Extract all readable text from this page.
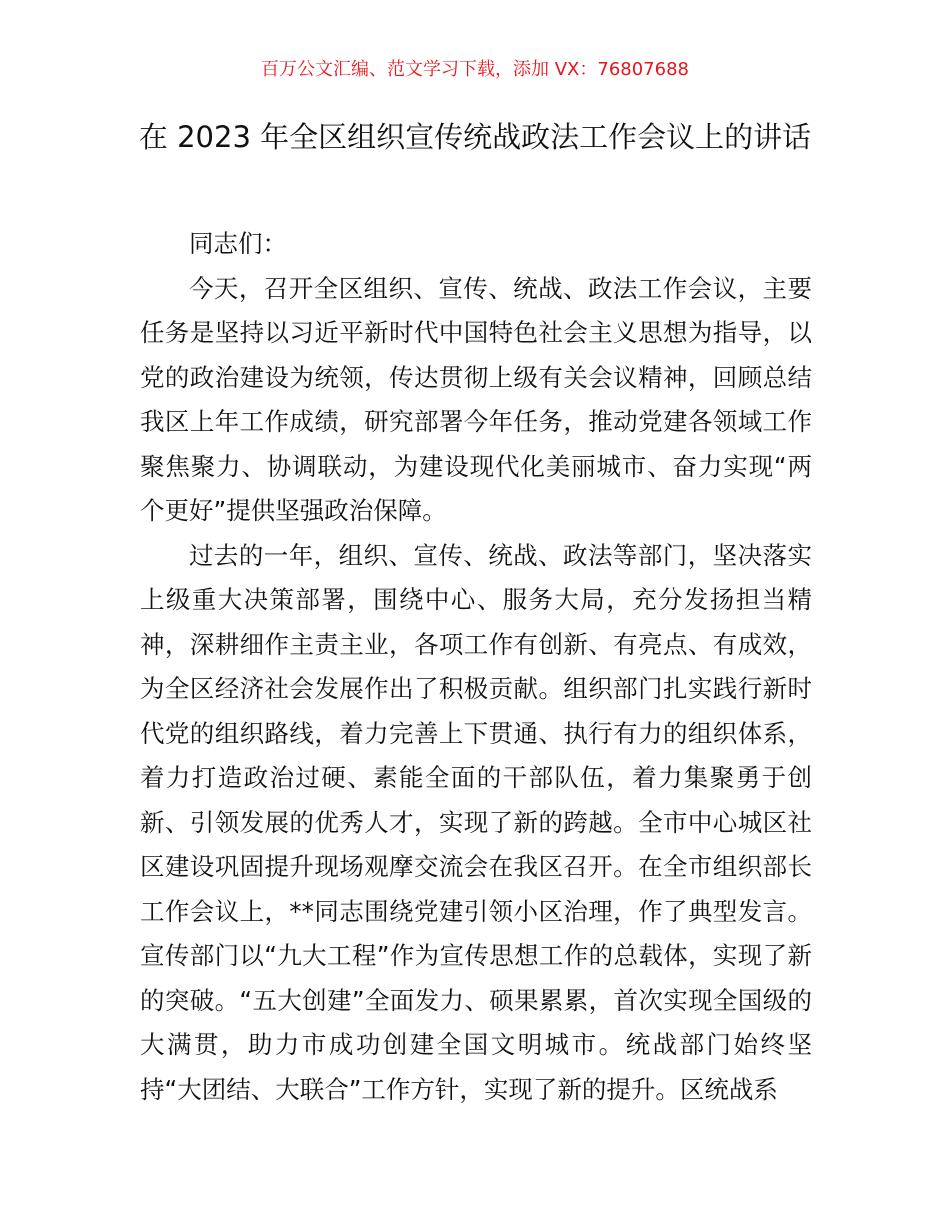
百万公文汇编、范文学习下载，添加 VX：76807688
在 2023 年全区组织宣传统战政法工作会议上的讲话

同志们：

今天，召开全区组织、宣传、统战、政法工作会议，主要任务是坚持以习近平新时代中国特色社会主义思想为指导，以党的政治建设为统领，传达贯彻上级有关会议精神，回顾总结我区上年工作成绩，研究部署今年任务，推动党建各领域工作聚焦聚力、协调联动，为建设现代化美丽城市、奋力实现“两个更好”提供坚强政治保障。

过去的一年，组织、宣传、统战、政法等部门，坚决落实上级重大决策部署，围绕中心、服务大局，充分发扬担当精神，深耕细作主责主业，各项工作有创新、有亮点、有成效，为全区经济社会发展作出了积极贡献。组织部门扎实践行新时代党的组织路线，着力完善上下贯通、执行有力的组织体系，着力打造政治过硬、素能全面的干部队伍，着力集聚勇于创新、引领发展的优秀人才，实现了新的跨越。全市中心城区社区建设巩固提升现场观摩交流会在我区召开。在全市组织部长工作会议上，**同志围绕党建引领小区治理，作了典型发言。宣传部门以“九大工程”作为宣传思想工作的总载体，实现了新的突破。“五大创建”全面发力、硕果累累，首次实现全国级的大满贯，助力市成功创建全国文明城市。统战部门始终坚持“大团结、大联合”工作方针，实现了新的提升。区统战系
